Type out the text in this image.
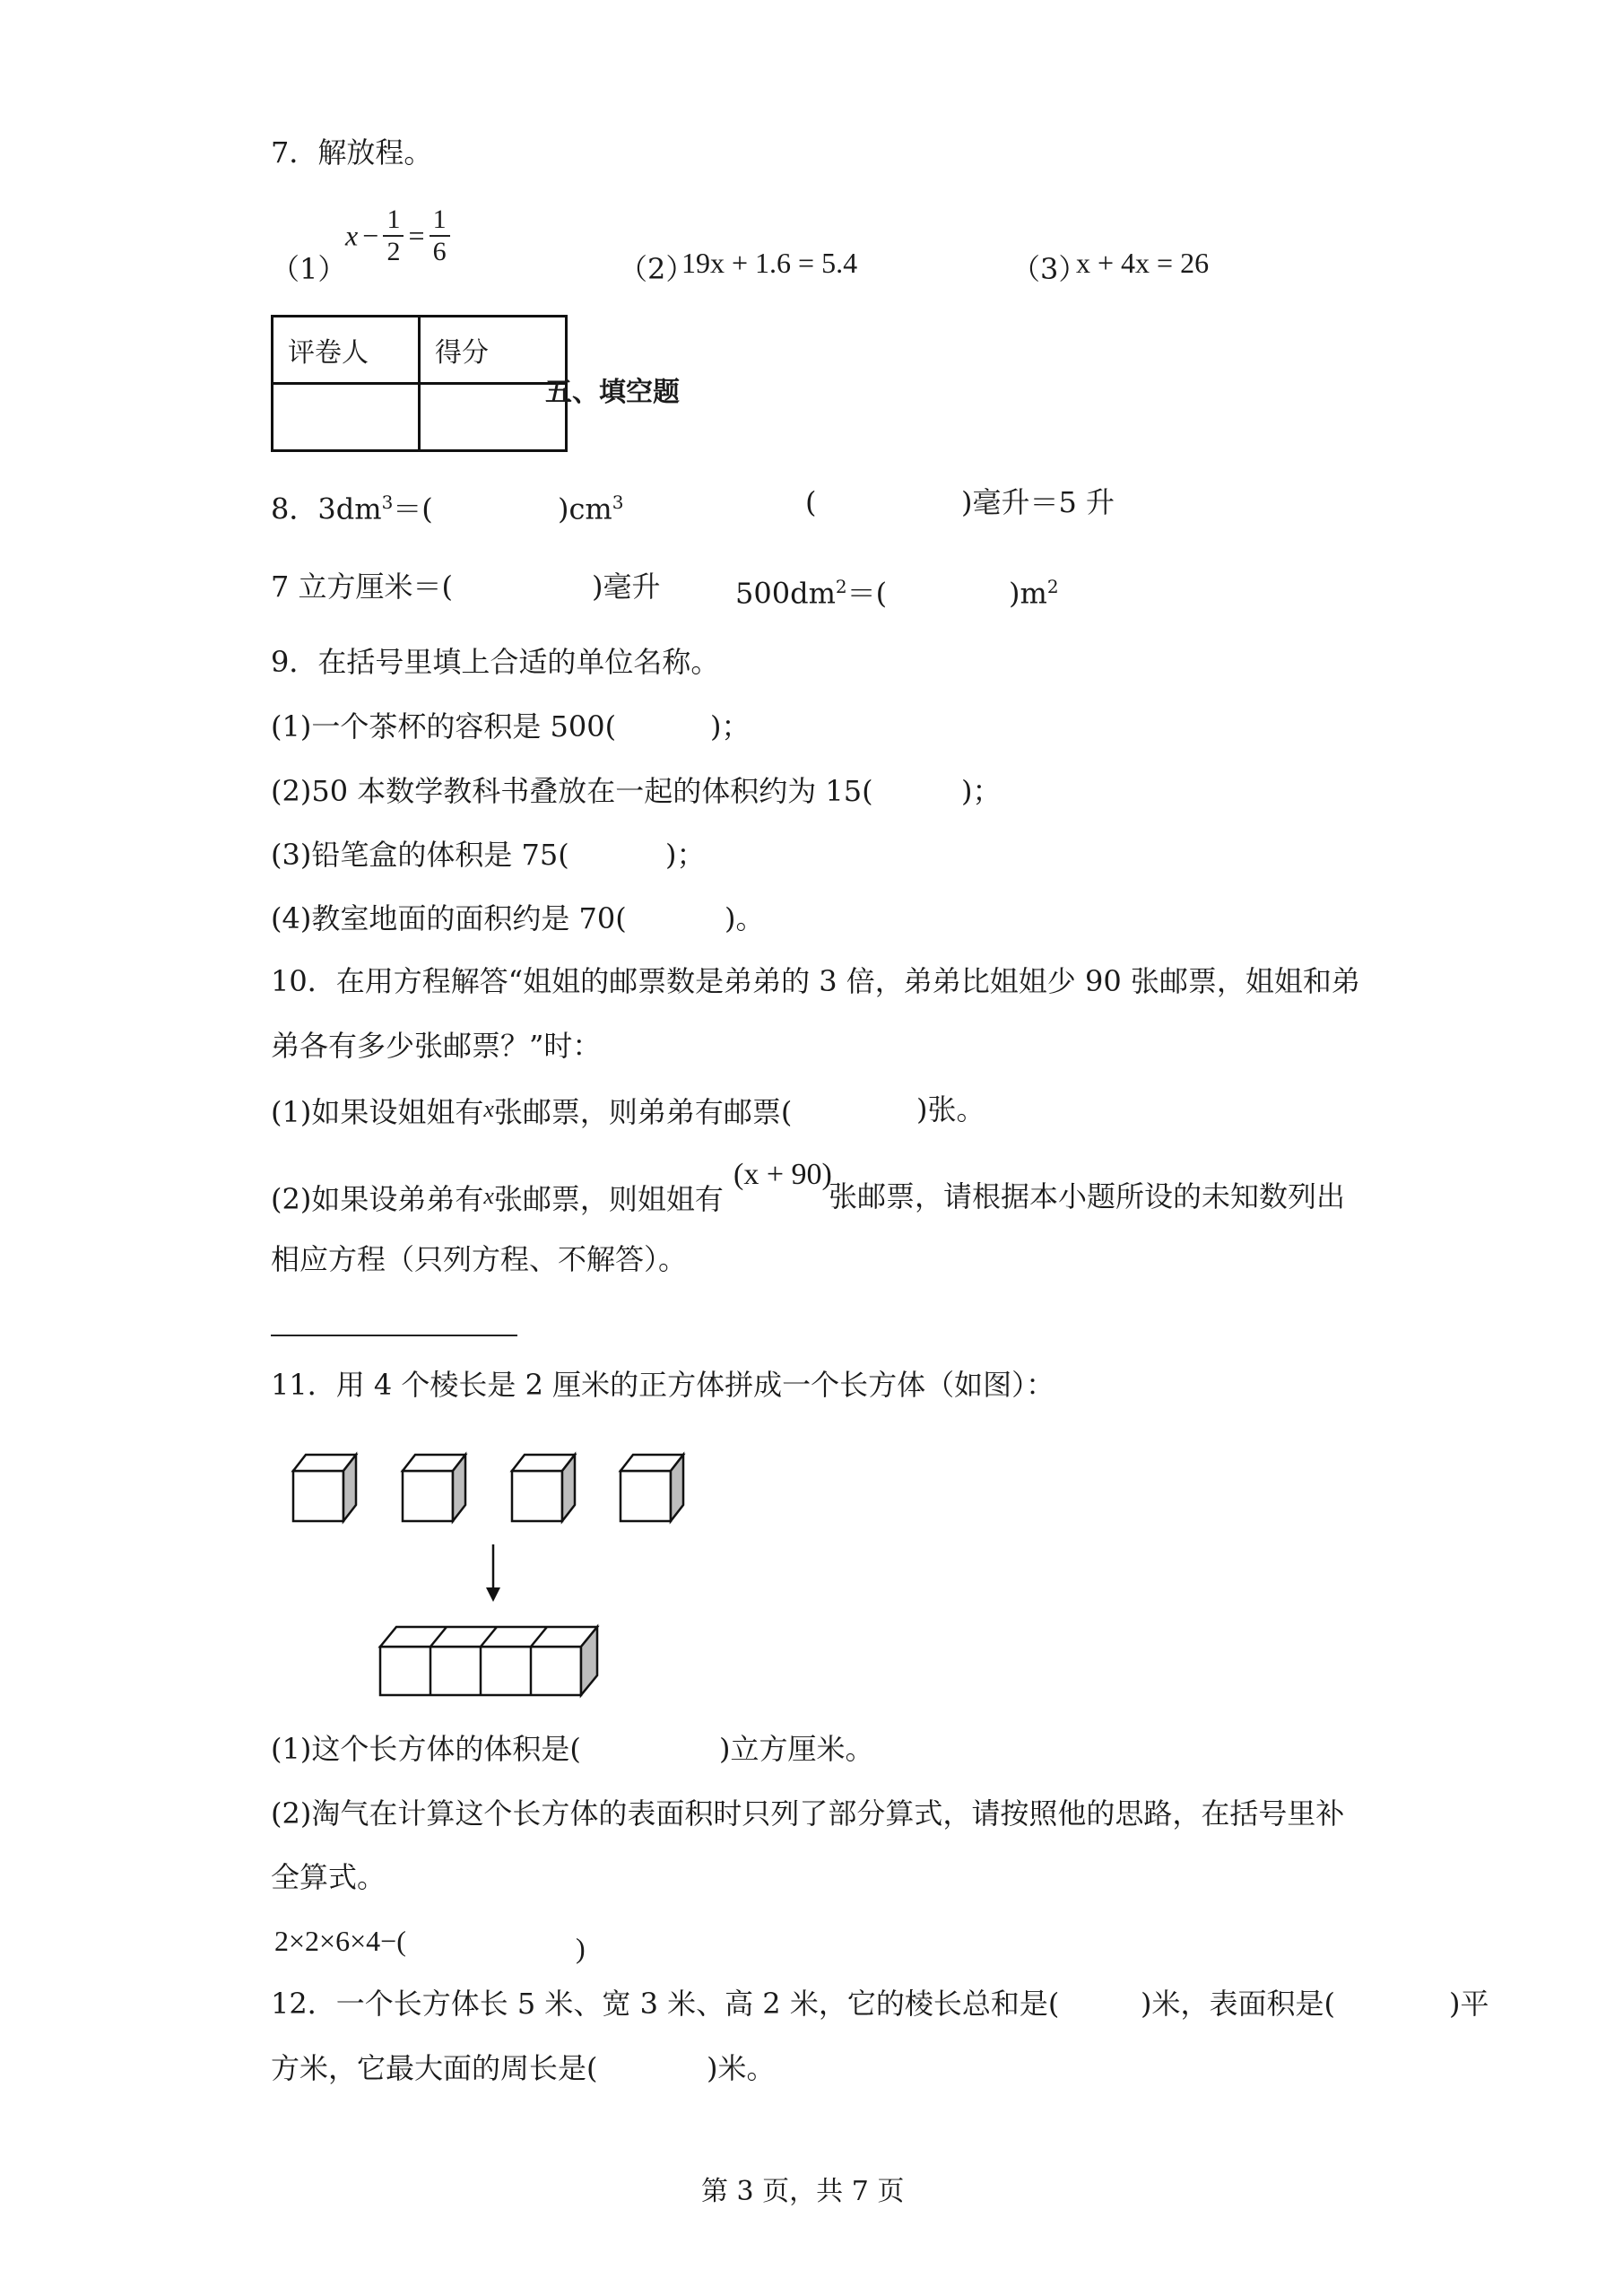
7．解放程。
（1）
$x - \frac{1}{2} = \frac{1}{6}$
（2）
19x + 1.6 = 5.4	（3）
x + 4x = 26
评卷人	得分

五、填空题
8．$3dm^3=$(	)$cm^3$	(	)毫升＝5 升
7 立方厘米＝(	)毫升	$500dm^2=$(	)$m^2$
9．在括号里填上合适的单位名称。
(1)一个茶杯的容积是 500(	)；
(2)50 本数学教科书叠放在一起的体积约为 15(	)；
(3)铅笔盒的体积是 75(	)；
(4)教室地面的面积约是 70(	)。
10．在用方程解答“姐姐的邮票数是弟弟的 3 倍，弟弟比姐姐少 90 张邮票，姐姐和弟
弟各有多少张邮票？”时：
(1)如果设姐姐有x张邮票，则弟弟有邮票(	)张。
(2)如果设弟弟有x张邮票，则姐姐有
(x + 90)
张邮票，请根据本小题所设的未知数列出
相应方程（只列方程、不解答）。
11．用 4 个棱长是 2 厘米的正方体拼成一个长方体（如图）：
(1)这个长方体的体积是(	)立方厘米。
(2)淘气在计算这个长方体的表面积时只列了部分算式，请按照他的思路，在括号里补
全算式。
2×2×6×4−(	)
12．一个长方体长 5 米、宽 3 米、高 2 米，它的棱长总和是(	)米，表面积是(	)平
方米，它最大面的周长是(	)米。
第 3 页，共 7 页
